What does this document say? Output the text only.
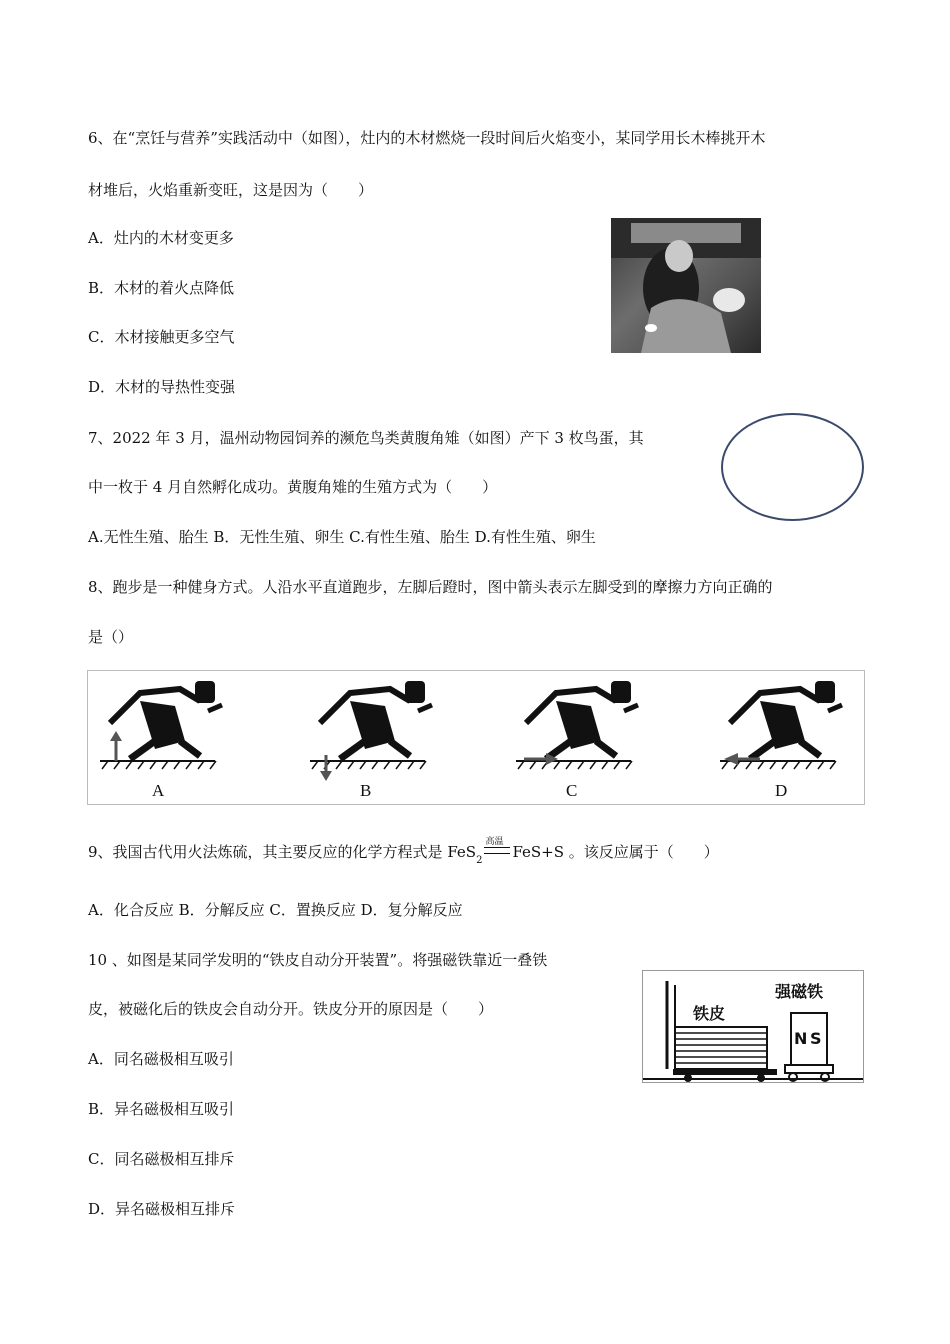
6、在“烹饪与营养”实践活动中（如图），灶内的木材燃烧一段时间后火焰变小，某同学用长木棒挑开木
材堆后，火焰重新变旺，这是因为（　　）
A．灶内的木材变更多
B．木材的着火点降低
C．木材接触更多空气
D．木材的导热性变强
7、2022 年 3 月，温州动物园饲养的濒危鸟类黄腹角雉（如图）产下 3 枚鸟蛋，其
中一枚于 4 月自然孵化成功。黄腹角雉的生殖方式为（　　）
A.无性生殖、胎生 B．无性生殖、卵生 C.有性生殖、胎生 D.有性生殖、卵生
8、跑步是一种健身方式。人沿水平直道跑步，左脚后蹬时，图中箭头表示左脚受到的摩擦力方向正确的
是（）
A	B	C	D
9、我国古代用火法炼硫，其主要反应的化学方程式是 FeS$_2$
高温
FeS+S 。该反应属于（　　）
A．化合反应 B．分解反应 C．置换反应 D．复分解反应
10 、如图是某同学发明的“铁皮自动分开装置”。将强磁铁靠近一叠铁
皮，被磁化后的铁皮会自动分开。铁皮分开的原因是（　　）
A．同名磁极相互吸引
B．异名磁极相互吸引
C．同名磁极相互排斥
D．异名磁极相互排斥
铁皮
强磁铁
N S
